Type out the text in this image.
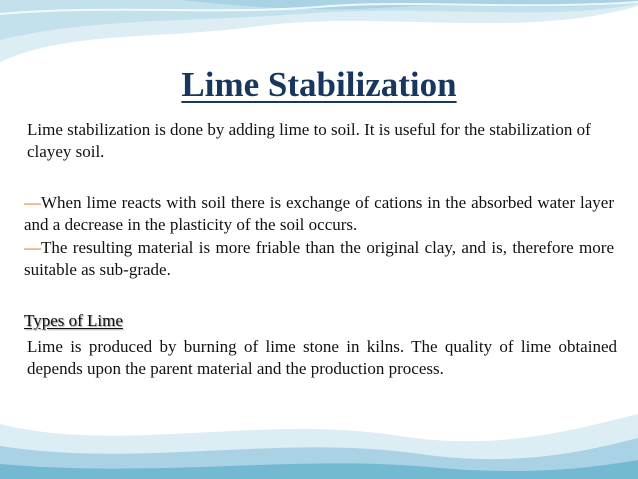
Lime Stabilization
Lime stabilization is done by adding lime to soil. It is useful for the stabilization of clayey soil.
—When lime reacts with soil there is exchange of cations in the absorbed water layer and a decrease in the plasticity of the soil occurs.
—The resulting material is more friable than the original clay, and is, therefore more suitable as sub-grade.
Types of Lime
Lime is produced by burning of lime stone in kilns. The quality of lime obtained depends upon the parent material and the production process.
